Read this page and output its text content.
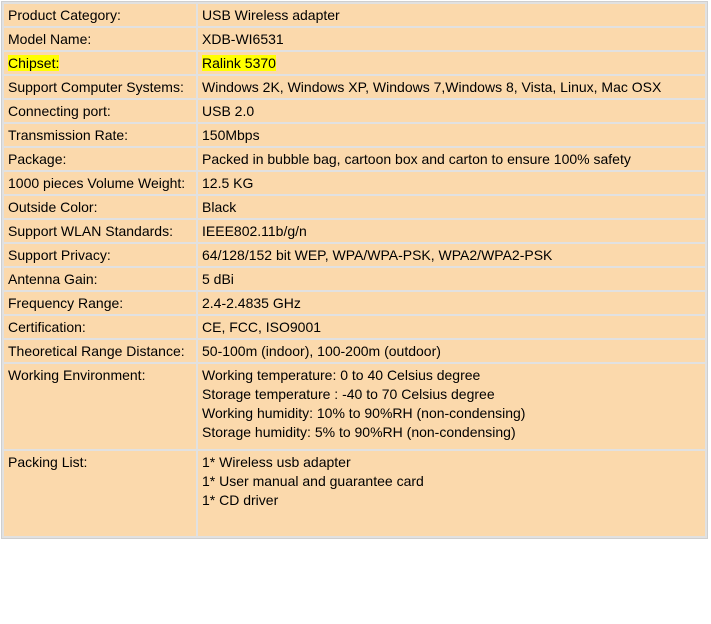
Product Category:	USB Wireless adapter
Model Name:	XDB-WI6531
Chipset:	Ralink 5370
Support Computer Systems:	Windows 2K, Windows XP, Windows 7,Windows 8, Vista, Linux, Mac OSX
Connecting port:	USB 2.0
Transmission Rate:	150Mbps
Package:	Packed in bubble bag, cartoon box and carton to ensure 100% safety
1000 pieces Volume Weight:	12.5 KG
Outside Color:	Black
Support WLAN Standards:	IEEE802.11b/g/n
Support Privacy:	64/128/152 bit WEP, WPA/WPA-PSK, WPA2/WPA2-PSK
Antenna Gain:	5 dBi
Frequency Range:	2.4-2.4835 GHz
Certification:	CE, FCC, ISO9001
Theoretical Range Distance:	50-100m (indoor), 100-200m (outdoor)
Working Environment:	Working temperature: 0 to 40 Celsius degree
Storage temperature : -40 to 70 Celsius degree
Working humidity: 10% to 90%RH (non-condensing)
Storage humidity: 5% to 90%RH (non-condensing)

Packing List:	1* Wireless usb adapter
1* User manual and guarantee card
1* CD driver
